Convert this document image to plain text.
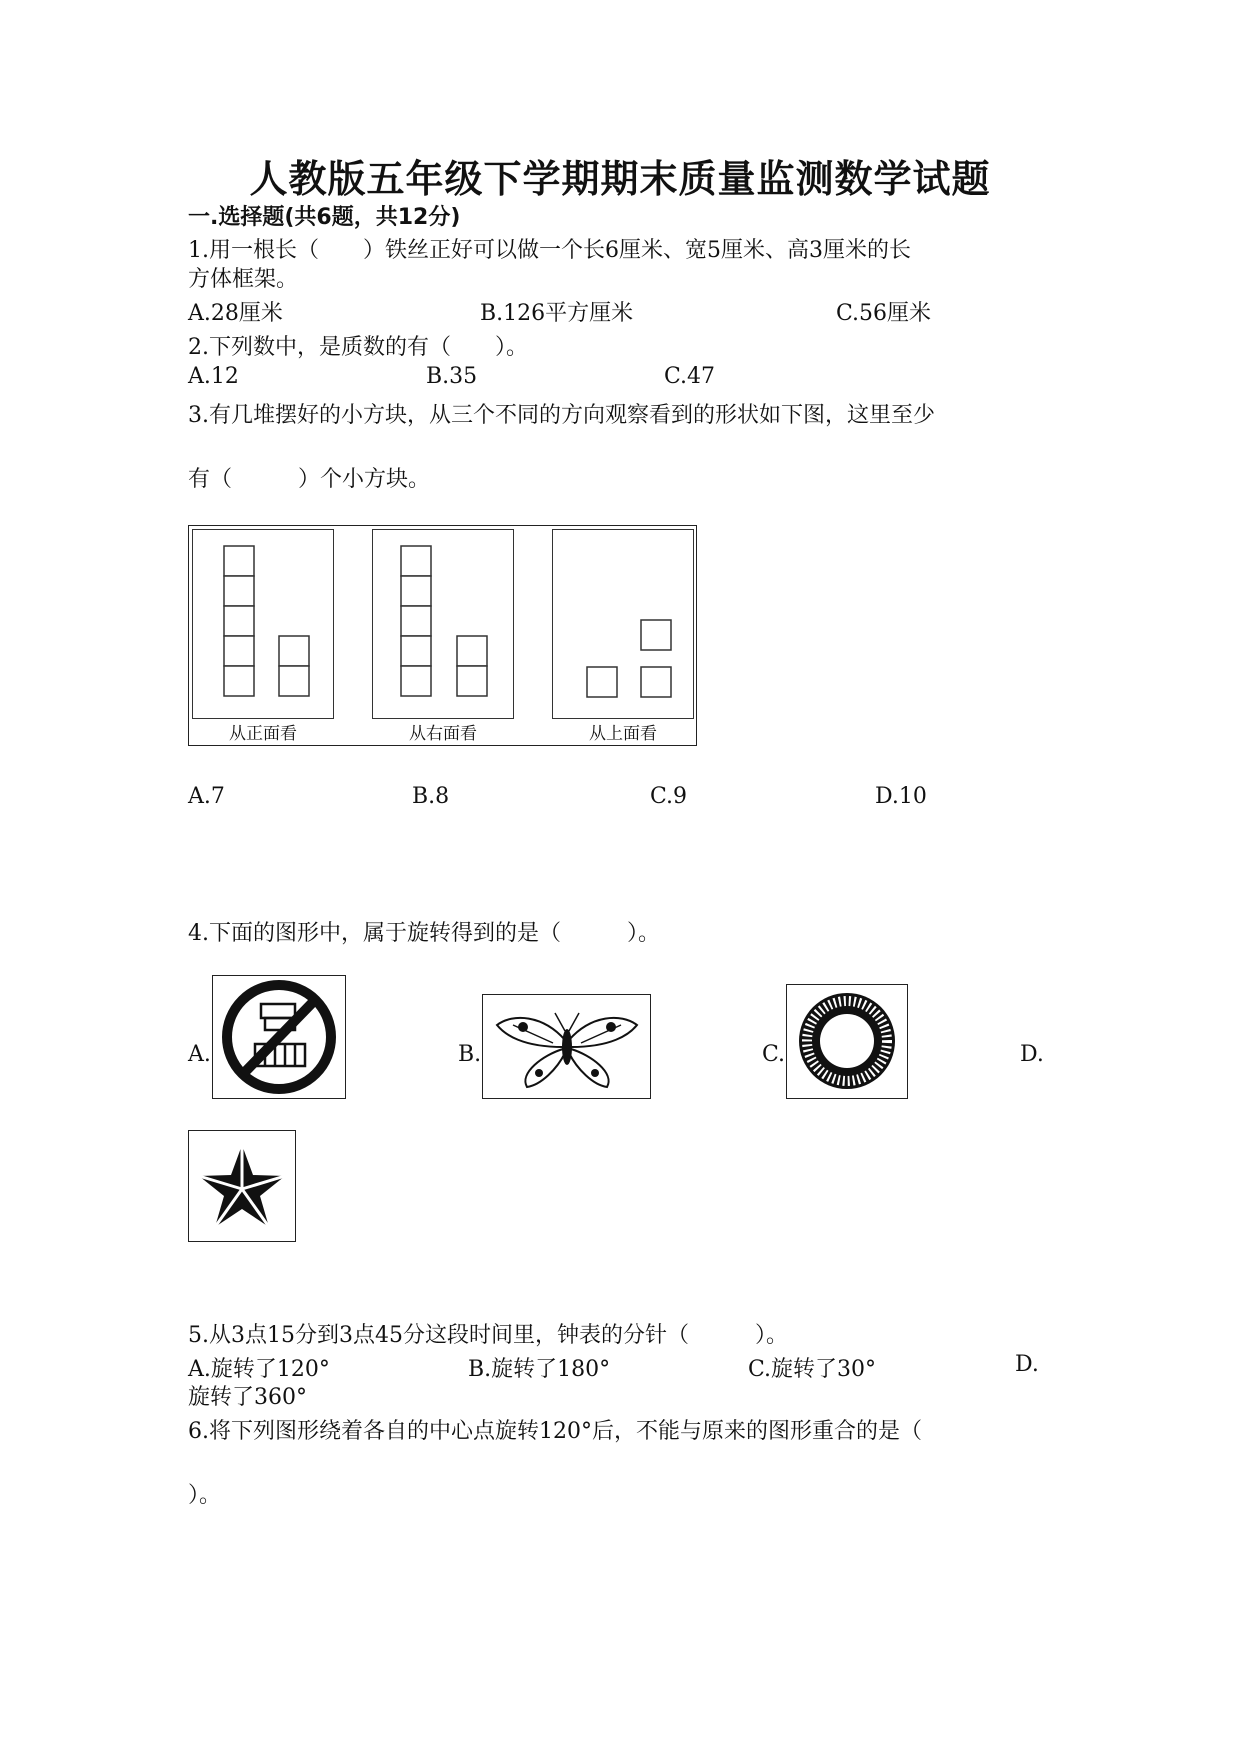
人教版五年级下学期期末质量监测数学试题
一.选择题(共6题，共12分)
1.用一根长（　　）铁丝正好可以做一个长6厘米、宽5厘米、高3厘米的长
方体框架。
A.28厘米	B.126平方厘米	C.56厘米
2.下列数中，是质数的有（　　）。
A.12	B.35	C.47
3.有几堆摆好的小方块，从三个不同的方向观察看到的形状如下图，这里至少
有（　　　）个小方块。
从正面看	从右面看	从上面看
A.7	B.8	C.9	D.10
4.下面的图形中，属于旋转得到的是（　　　）。
A.	B.	C.	D.
5.从3点15分到3点45分这段时间里，钟表的分针（　　　）。
A.旋转了120°	B.旋转了180°	C.旋转了30°	D.
旋转了360°
6.将下列图形绕着各自的中心点旋转120°后，不能与原来的图形重合的是（
）。
